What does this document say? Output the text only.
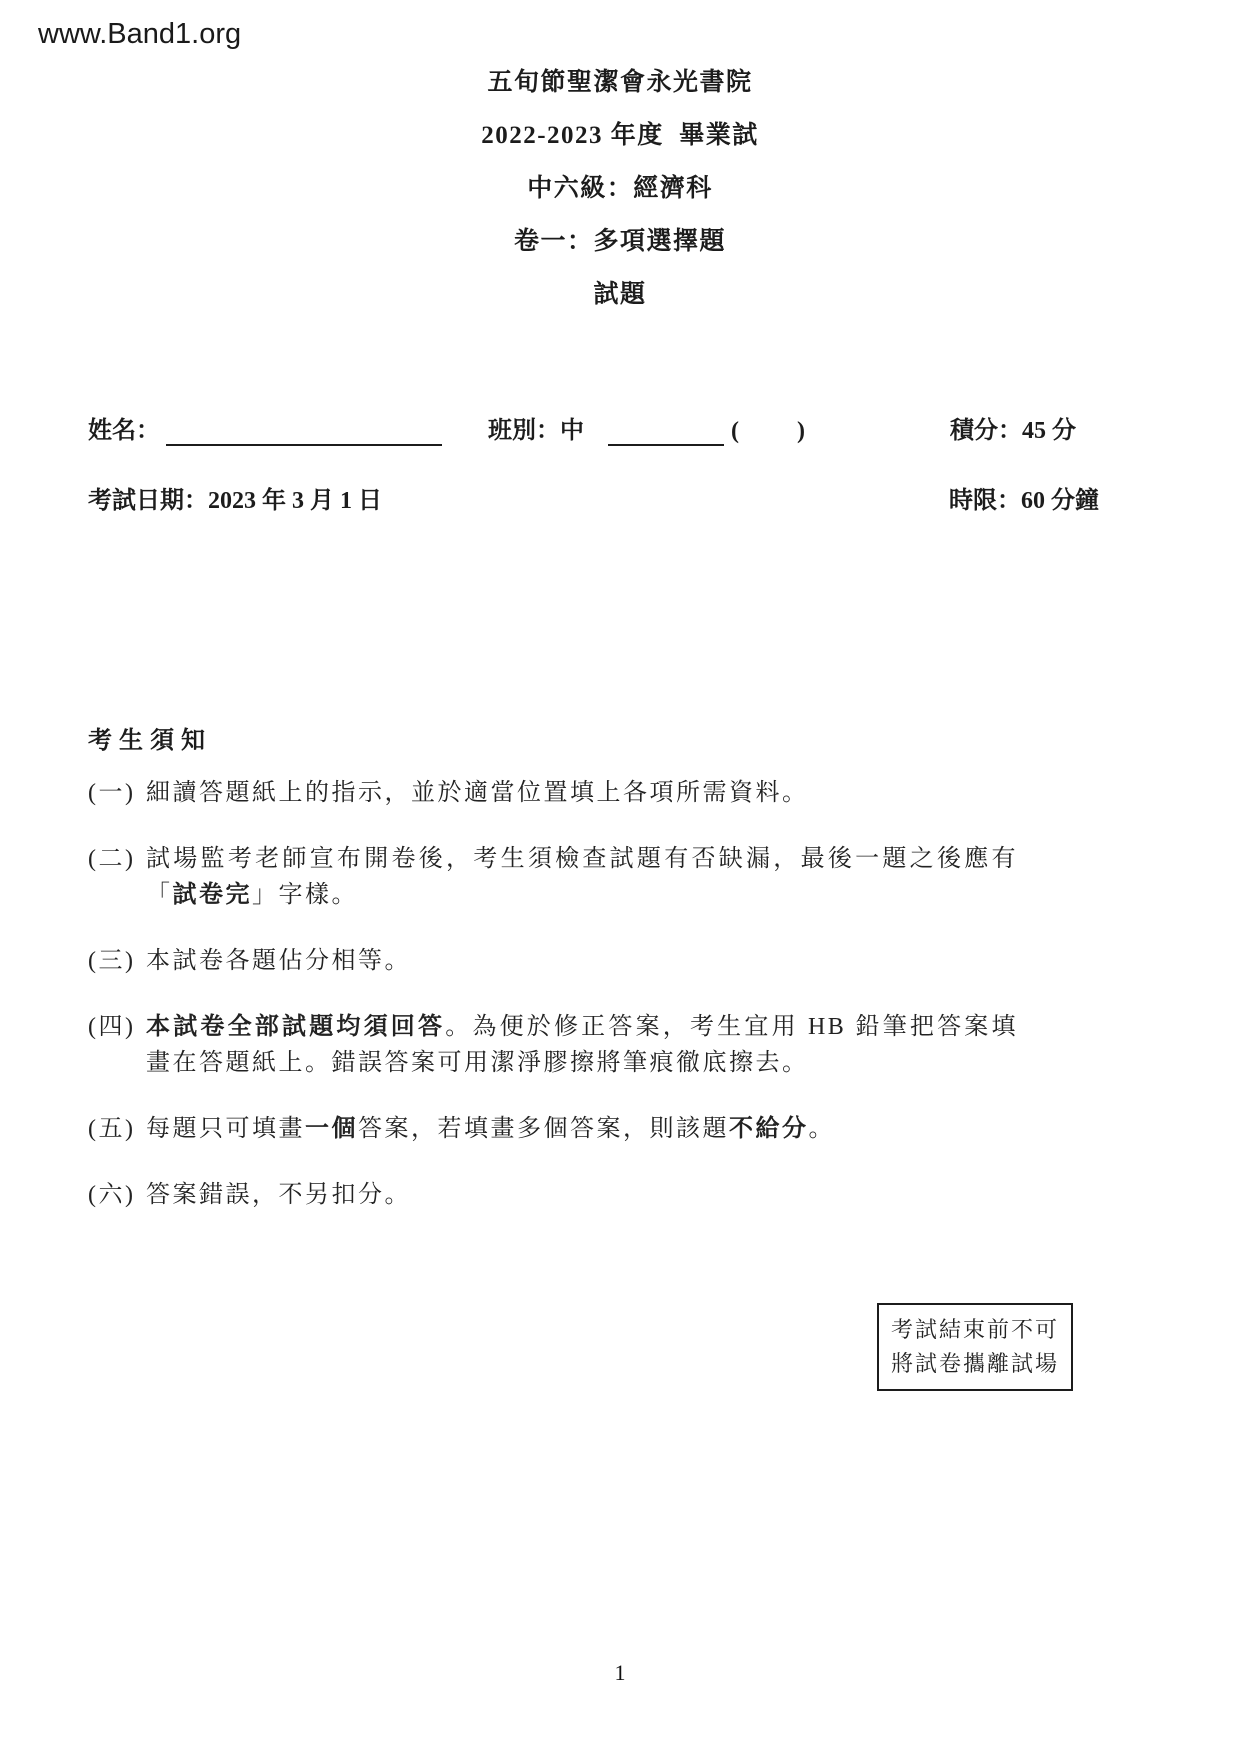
www.Band1.org
五旬節聖潔會永光書院
2022-2023 年度  畢業試
中六級：經濟科
卷一：多項選擇題
試題
姓名：	班別：中	( )	積分：45 分
考試日期：2023 年 3 月 1 日	時限：60 分鐘
考生須知
(一) 細讀答題紙上的指示，並於適當位置填上各項所需資料。
(二) 試場監考老師宣布開卷後，考生須檢查試題有否缺漏，最後一題之後應有「試卷完」字樣。
(三) 本試卷各題佔分相等。
(四) 本試卷全部試題均須回答。為便於修正答案，考生宜用 HB 鉛筆把答案填畫在答題紙上。錯誤答案可用潔淨膠擦將筆痕徹底擦去。
(五) 每題只可填畫一個答案，若填畫多個答案，則該題不給分。
(六) 答案錯誤，不另扣分。
考試結束前不可
將試卷攜離試場
1
